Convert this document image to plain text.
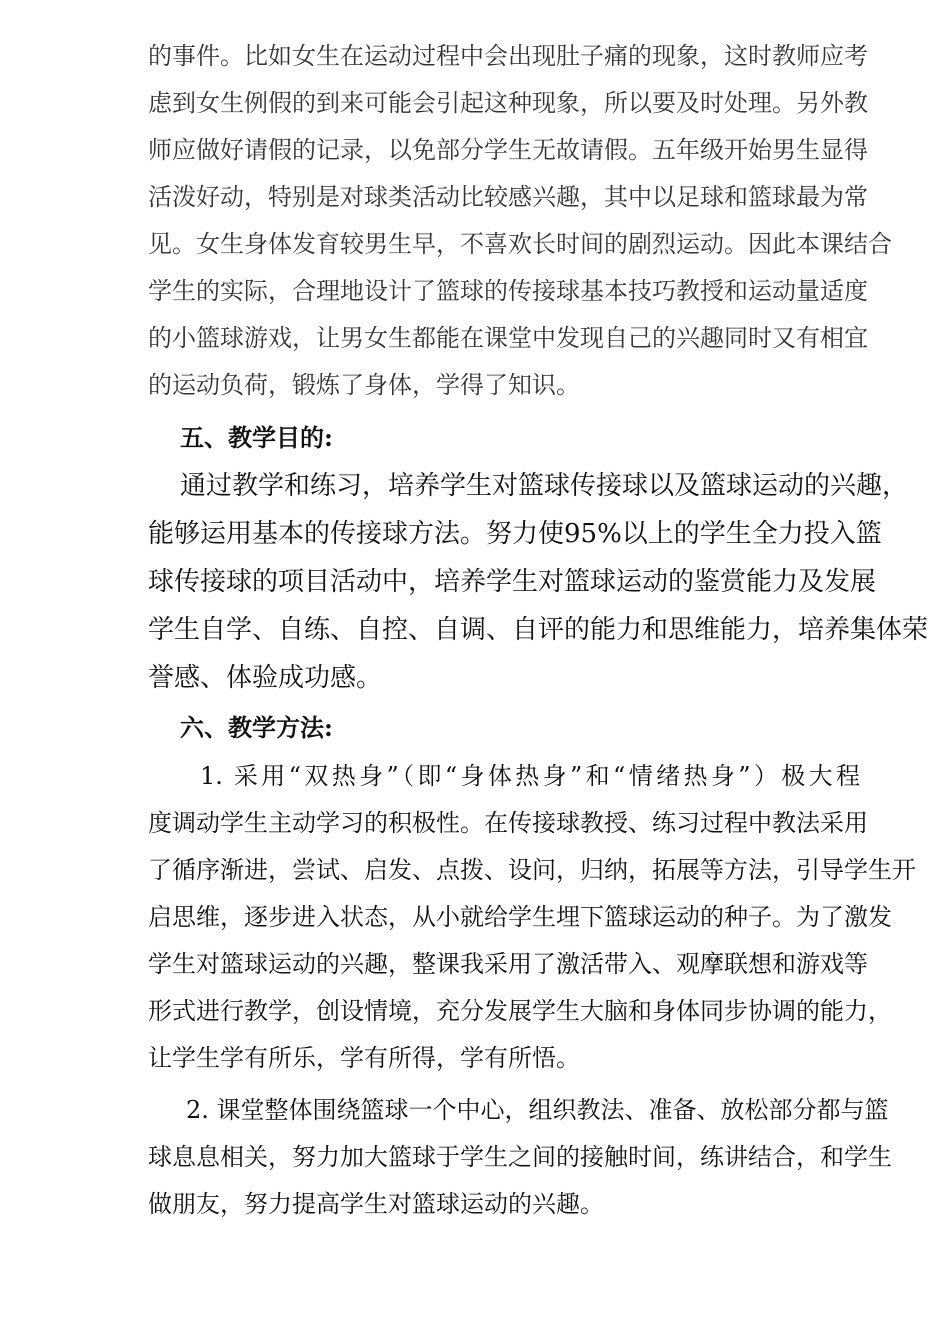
的事件。比如女生在运动过程中会出现肚子痛的现象，这时教师应考
虑到女生例假的到来可能会引起这种现象，所以要及时处理。另外教
师应做好请假的记录，以免部分学生无故请假。五年级开始男生显得
活泼好动，特别是对球类活动比较感兴趣，其中以足球和篮球最为常
见。女生身体发育较男生早，不喜欢长时间的剧烈运动。因此本课结合
学生的实际，合理地设计了篮球的传接球基本技巧教授和运动量适度
的小篮球游戏，让男女生都能在课堂中发现自己的兴趣同时又有相宜
的运动负荷，锻炼了身体，学得了知识。
五、教学目的:
通过教学和练习，培养学生对篮球传接球以及篮球运动的兴趣，
能够运用基本的传接球方法。努力使95%以上的学生全力投入篮
球传接球的项目活动中，培养学生对篮球运动的鉴赏能力及发展
学生自学、自练、自控、自调、自评的能力和思维能力，培养集体荣
誉感、体验成功感。
六、教学方法:
1. 采用“双热身”（即“身体热身”和“情绪热身”）极大程
度调动学生主动学习的积极性。在传接球教授、练习过程中教法采用
了循序渐进，尝试、启发、点拨、设问，归纳，拓展等方法，引导学生开
启思维，逐步进入状态，从小就给学生埋下篮球运动的种子。为了激发
学生对篮球运动的兴趣，整课我采用了激活带入、观摩联想和游戏等
形式进行教学，创设情境，充分发展学生大脑和身体同步协调的能力，
让学生学有所乐，学有所得，学有所悟。
2. 课堂整体围绕篮球一个中心，组织教法、准备、放松部分都与篮
球息息相关，努力加大篮球于学生之间的接触时间，练讲结合，和学生
做朋友，努力提高学生对篮球运动的兴趣。
